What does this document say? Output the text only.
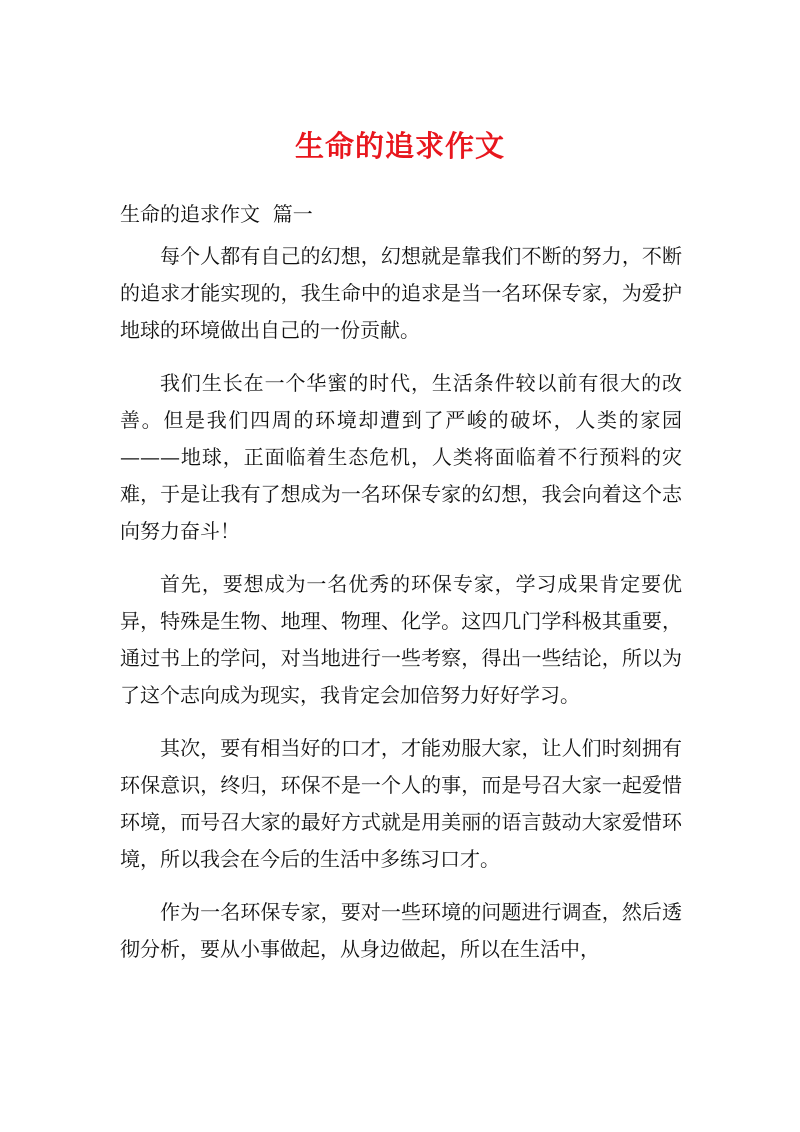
生命的追求作文
生命的追求作文  篇一

每个人都有自己的幻想，幻想就是靠我们不断的努力，不断的追求才能实现的，我生命中的追求是当一名环保专家，为爱护地球的环境做出自己的一份贡献。

我们生长在一个华蜜的时代，生活条件较以前有很大的改善。但是我们四周的环境却遭到了严峻的破坏，人类的家园———地球，正面临着生态危机，人类将面临着不行预料的灾难，于是让我有了想成为一名环保专家的幻想，我会向着这个志向努力奋斗！

首先，要想成为一名优秀的环保专家，学习成果肯定要优异，特殊是生物、地理、物理、化学。这四几门学科极其重要，通过书上的学问，对当地进行一些考察，得出一些结论，所以为了这个志向成为现实，我肯定会加倍努力好好学习。

其次，要有相当好的口才，才能劝服大家，让人们时刻拥有环保意识，终归，环保不是一个人的事，而是号召大家一起爱惜环境，而号召大家的最好方式就是用美丽的语言鼓动大家爱惜环境，所以我会在今后的生活中多练习口才。

作为一名环保专家，要对一些环境的问题进行调查，然后透彻分析，要从小事做起，从身边做起，所以在生活中，
